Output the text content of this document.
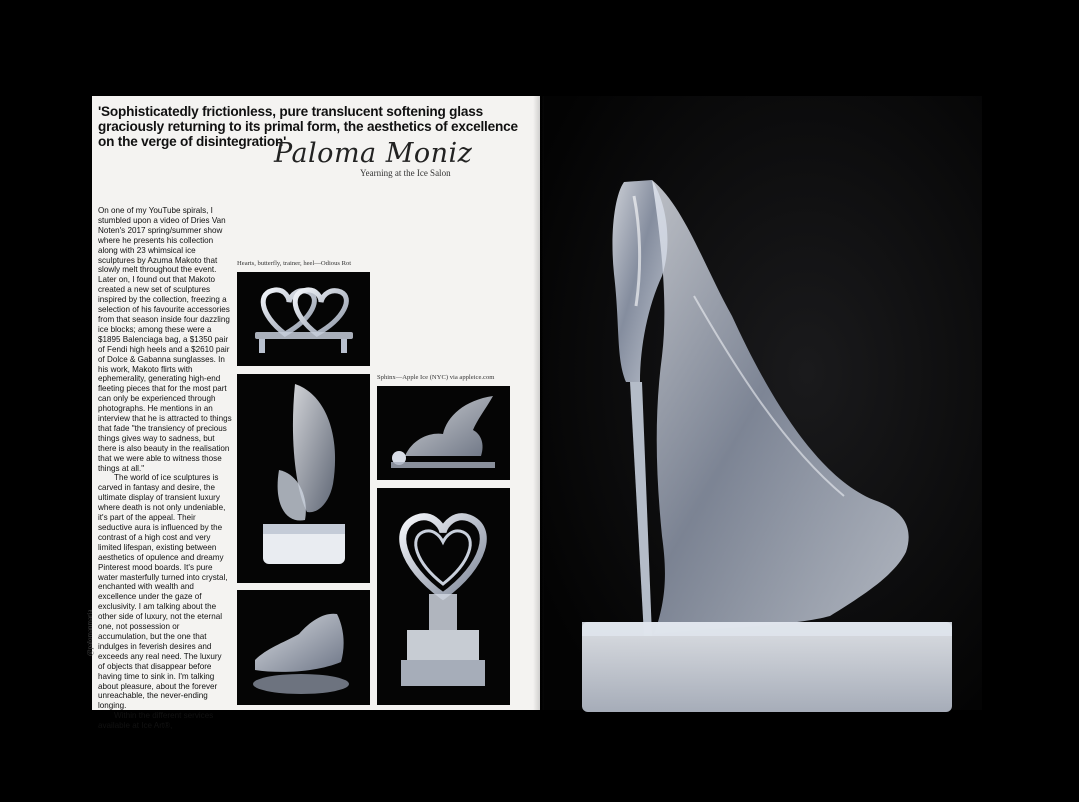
'Sophisticatedly frictionless, pure translucent softening glass graciously returning to its primal form, the aesthetics of excellence on the verge of disintegration'

Paloma Moniz
Yearning at the Ice Salon

On one of my YouTube spirals, I stumbled upon a video of Dries Van Noten's 2017 spring/summer show where he presents his collection along with 23 whimsical ice sculptures by Azuma Makoto that slowly melt throughout the event. Later on, I found out that Makoto created a new set of sculptures inspired by the collection, freezing a selection of his favourite accessories from that season inside four dazzling ice blocks; among these were a $1895 Balenciaga bag, a $1350 pair of Fendi high heels and a $2610 pair of Dolce & Gabanna sunglasses. In his work, Makoto flirts with ephemerality, generating high-end fleeting pieces that for the most part can only be experienced through photographs. He mentions in an interview that he is attracted to things that fade "the transiency of precious things gives way to sadness, but there is also beauty in the realisation that we were able to witness those things at all."

The world of ice sculptures is carved in fantasy and desire, the ultimate display of transient luxury where death is not only undeniable, it's part of the appeal. Their seductive aura is influenced by the contrast of a high cost and very limited lifespan, existing between aesthetics of opulence and dreamy Pinterest mood boards. It's pure water masterfully turned into crystal, enchanted with wealth and excellence under the gaze of exclusivity. I am talking about the other side of luxury, not the eternal one, not possession or accumulation, but the one that indulges in feverish desires and exceeds any real need. The luxury of objects that disappear before having time to sink in. I'm talking about pleasure, about the forever unreachable, the never-ending longing.

Within the different services available at Ice Art®,

@palomanmaria
Hearts, butterfly, trainer, heel—Odious Rot
Sphinx—Apple Ice (NYC) via appleice.com
